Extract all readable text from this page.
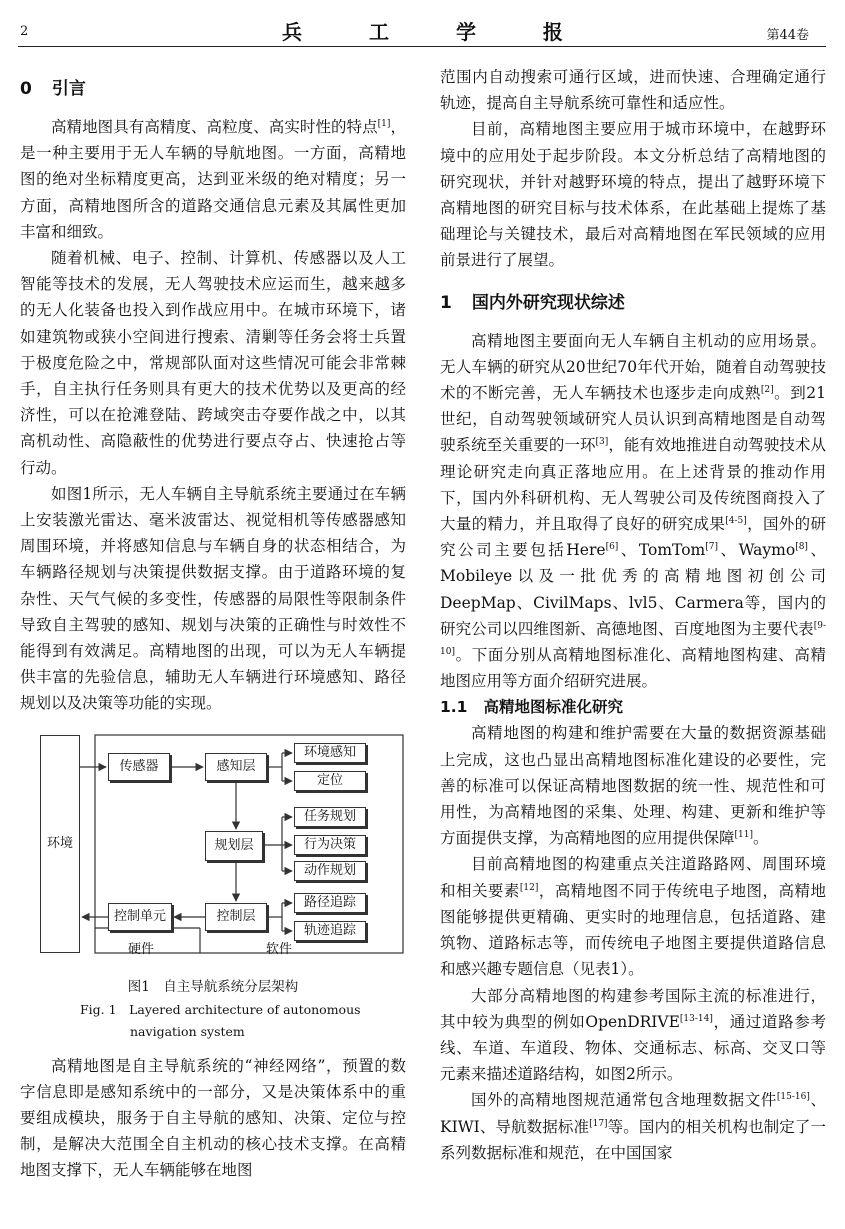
2	兵 工 学 报	第44卷
0 引言

高精地图具有高精度、高粒度、高实时性的特点[1]，是一种主要用于无人车辆的导航地图。一方面，高精地图的绝对坐标精度更高，达到亚米级的绝对精度；另一方面，高精地图所含的道路交通信息元素及其属性更加丰富和细致。

随着机械、电子、控制、计算机、传感器以及人工智能等技术的发展，无人驾驶技术应运而生，越来越多的无人化装备也投入到作战应用中。在城市环境下，诸如建筑物或狭小空间进行搜索、清剿等任务会将士兵置于极度危险之中，常规部队面对这些情况可能会非常棘手，自主执行任务则具有更大的技术优势以及更高的经济性，可以在抢滩登陆、跨域突击夺要作战之中，以其高机动性、高隐蔽性的优势进行要点夺占、快速抢占等行动。

如图1所示，无人车辆自主导航系统主要通过在车辆上安装激光雷达、毫米波雷达、视觉相机等传感器感知周围环境，并将感知信息与车辆自身的状态相结合，为车辆路径规划与决策提供数据支撑。由于道路环境的复杂性、天气气候的多变性，传感器的局限性等限制条件导致自主驾驶的感知、规划与决策的正确性与时效性不能得到有效满足。高精地图的出现，可以为无人车辆提供丰富的先验信息，辅助无人车辆进行环境感知、路径规划以及决策等功能的实现。

环境
传感器	感知层
规划层
控制层
控制单元
环境感知
定位
任务规划
行为决策
动作规划
路径追踪
轨迹追踪
硬件	软件
图1　自主导航系统分层架构
Fig. 1　Layered architecture of autonomous
navigation system

高精地图是自主导航系统的“神经网络”，预置的数字信息即是感知系统中的一部分，又是决策体系中的重要组成模块，服务于自主导航的感知、决策、定位与控制，是解决大范围全自主机动的核心技术支撑。在高精地图支撑下，无人车辆能够在地图

范围内自动搜索可通行区域，进而快速、合理确定通行轨迹，提高自主导航系统可靠性和适应性。

目前，高精地图主要应用于城市环境中，在越野环境中的应用处于起步阶段。本文分析总结了高精地图的研究现状，并针对越野环境的特点，提出了越野环境下高精地图的研究目标与技术体系，在此基础上提炼了基础理论与关键技术，最后对高精地图在军民领域的应用前景进行了展望。

1 国内外研究现状综述

高精地图主要面向无人车辆自主机动的应用场景。无人车辆的研究从20世纪70年代开始，随着自动驾驶技术的不断完善，无人车辆技术也逐步走向成熟[2]。到21世纪，自动驾驶领域研究人员认识到高精地图是自动驾驶系统至关重要的一环[3]，能有效地推进自动驾驶技术从理论研究走向真正落地应用。在上述背景的推动作用下，国内外科研机构、无人驾驶公司及传统图商投入了大量的精力，并且取得了良好的研究成果[4-5]，国外的研究公司主要包括Here[6]、TomTom[7]、Waymo[8]、Mobileye以及一批优秀的高精地图初创公司DeepMap、CivilMaps、lvl5、Carmera等，国内的研究公司以四维图新、高德地图、百度地图为主要代表[9-10]。下面分别从高精地图标准化、高精地图构建、高精地图应用等方面介绍研究进展。

1.1 高精地图标准化研究

高精地图的构建和维护需要在大量的数据资源基础上完成，这也凸显出高精地图标准化建设的必要性，完善的标准可以保证高精地图数据的统一性、规范性和可用性，为高精地图的采集、处理、构建、更新和维护等方面提供支撑，为高精地图的应用提供保障[11]。

目前高精地图的构建重点关注道路路网、周围环境和相关要素[12]，高精地图不同于传统电子地图，高精地图能够提供更精确、更实时的地理信息，包括道路、建筑物、道路标志等，而传统电子地图主要提供道路信息和感兴趣专题信息（见表1）。

大部分高精地图的构建参考国际主流的标准进行，其中较为典型的例如OpenDRIVE[13-14]，通过道路参考线、车道、车道段、物体、交通标志、标高、交叉口等元素来描述道路结构，如图2所示。

国外的高精地图规范通常包含地理数据文件[15-16]、KIWI、导航数据标准[17]等。国内的相关机构也制定了一系列数据标准和规范，在中国国家
